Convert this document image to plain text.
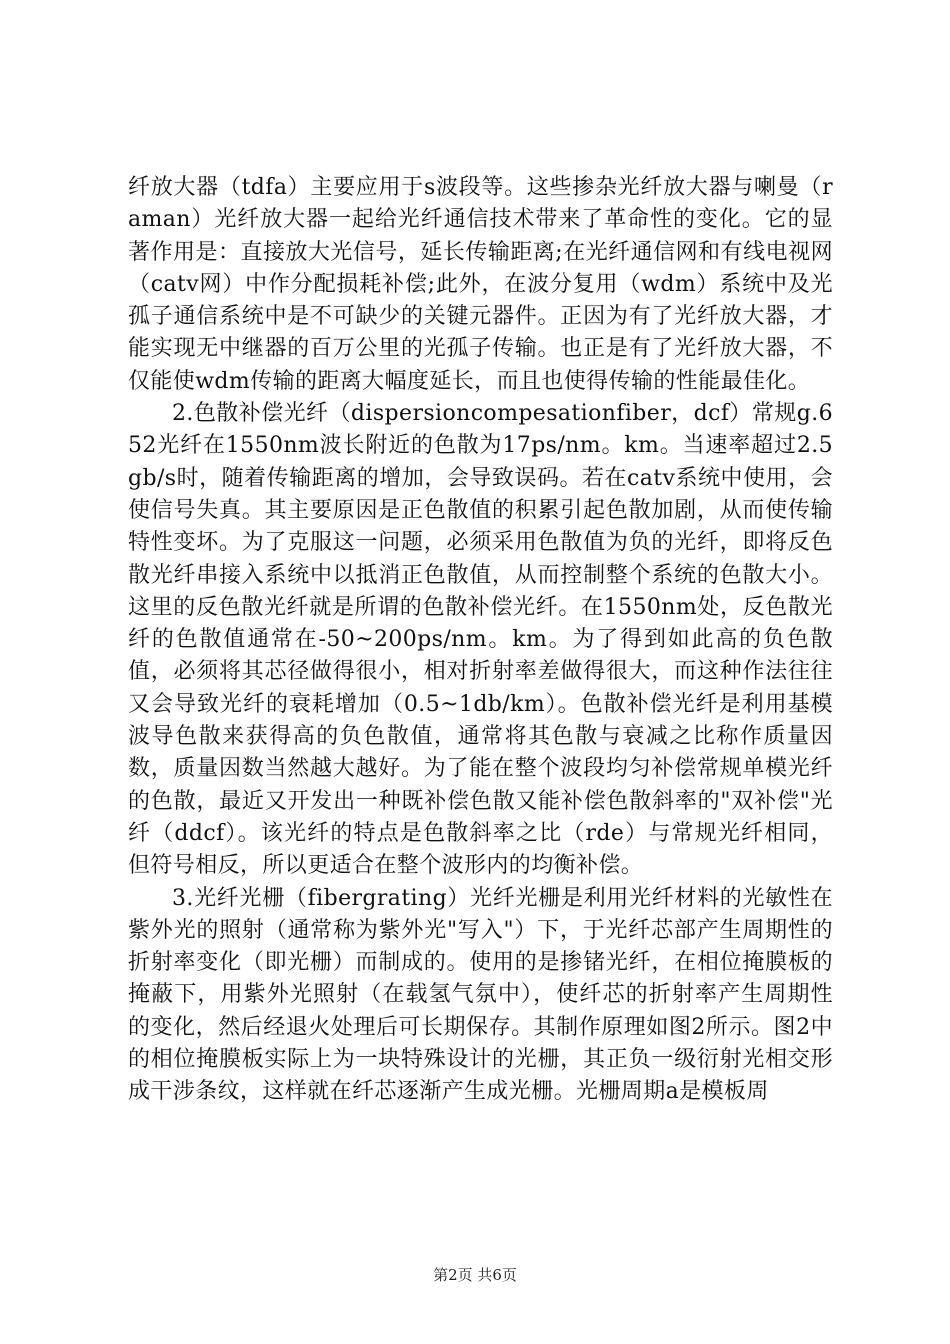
纤放大器（tdfa）主要应用于s波段等。这些掺杂光纤放大器与喇曼（raman）光纤放大器一起给光纤通信技术带来了革命性的变化。它的显著作用是：直接放大光信号，延长传输距离;在光纤通信网和有线电视网（catv网）中作分配损耗补偿;此外，在波分复用（wdm）系统中及光孤子通信系统中是不可缺少的关键元器件。正因为有了光纤放大器，才能实现无中继器的百万公里的光孤子传输。也正是有了光纤放大器，不仅能使wdm传输的距离大幅度延长，而且也使得传输的性能最佳化。

2.色散补偿光纤（dispersioncompesationfiber，dcf）常规g.652光纤在1550nm波长附近的色散为17ps/nm。km。当速率超过2.5gb/s时，随着传输距离的增加，会导致误码。若在catv系统中使用，会使信号失真。其主要原因是正色散值的积累引起色散加剧，从而使传输特性变坏。为了克服这一问题，必须采用色散值为负的光纤，即将反色散光纤串接入系统中以抵消正色散值，从而控制整个系统的色散大小。这里的反色散光纤就是所谓的色散补偿光纤。在1550nm处，反色散光纤的色散值通常在-50~200ps/nm。km。为了得到如此高的负色散值，必须将其芯径做得很小，相对折射率差做得很大，而这种作法往往又会导致光纤的衰耗增加（0.5~1db/km）。色散补偿光纤是利用基模波导色散来获得高的负色散值，通常将其色散与衰减之比称作质量因数，质量因数当然越大越好。为了能在整个波段均匀补偿常规单模光纤的色散，最近又开发出一种既补偿色散又能补偿色散斜率的"双补偿"光纤（ddcf）。该光纤的特点是色散斜率之比（rde）与常规光纤相同，但符号相反，所以更适合在整个波形内的均衡补偿。

3.光纤光栅（fibergrating）光纤光栅是利用光纤材料的光敏性在紫外光的照射（通常称为紫外光"写入"）下，于光纤芯部产生周期性的折射率变化（即光栅）而制成的。使用的是掺锗光纤，在相位掩膜板的掩蔽下，用紫外光照射（在载氢气氛中），使纤芯的折射率产生周期性的变化，然后经退火处理后可长期保存。其制作原理如图2所示。图2中的相位掩膜板实际上为一块特殊设计的光栅，其正负一级衍射光相交形成干涉条纹，这样就在纤芯逐渐产生成光栅。光栅周期a是模板周

第2页 共6页
